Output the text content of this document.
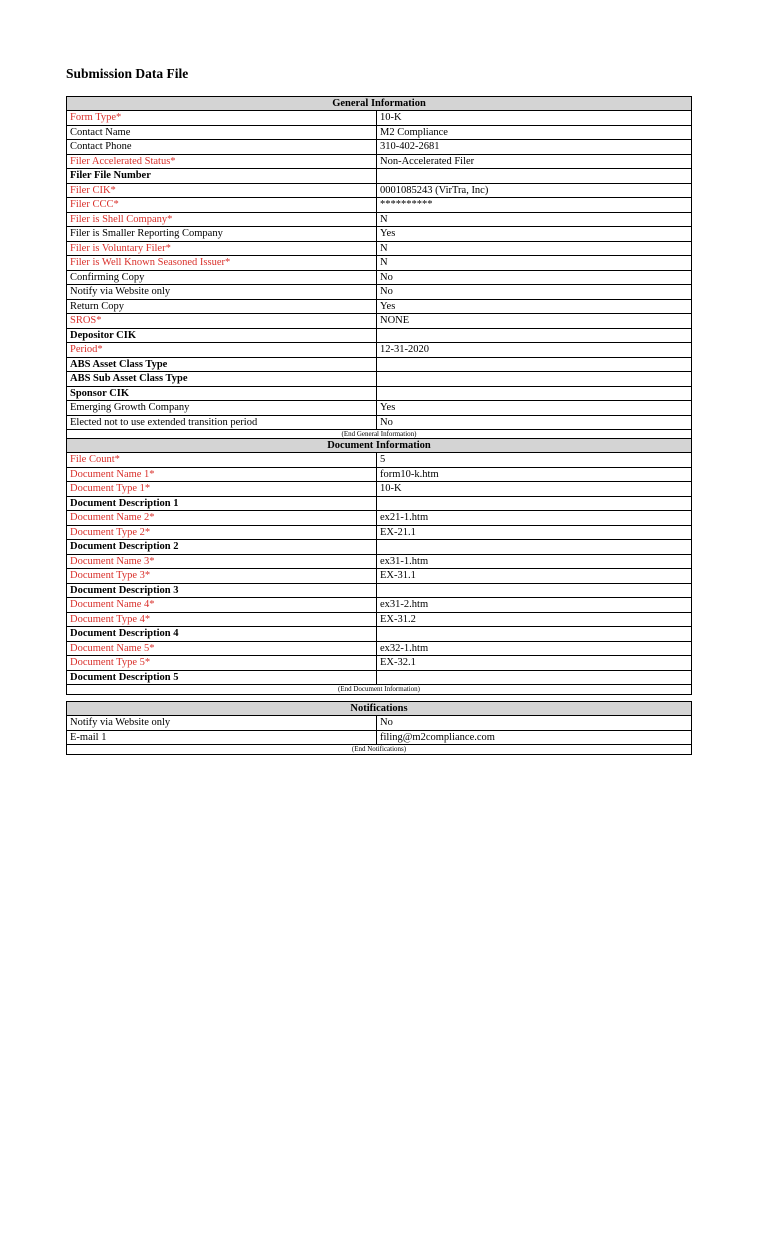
Submission Data File
General Information
Form Type*	10-K
Contact Name	M2 Compliance
Contact Phone	310-402-2681
Filer Accelerated Status*	Non-Accelerated Filer
Filer File Number
Filer CIK*	0001085243 (VirTra, Inc)
Filer CCC*	**********
Filer is Shell Company*	N
Filer is Smaller Reporting Company	Yes
Filer is Voluntary Filer*	N
Filer is Well Known Seasoned Issuer*	N
Confirming Copy	No
Notify via Website only	No
Return Copy	Yes
SROS*	NONE
Depositor CIK
Period*	12-31-2020
ABS Asset Class Type
ABS Sub Asset Class Type
Sponsor CIK
Emerging Growth Company	Yes
Elected not to use extended transition period	No
(End General Information)
Document Information
File Count*	5
Document Name 1*	form10-k.htm
Document Type 1*	10-K
Document Description 1
Document Name 2*	ex21-1.htm
Document Type 2*	EX-21.1
Document Description 2
Document Name 3*	ex31-1.htm
Document Type 3*	EX-31.1
Document Description 3
Document Name 4*	ex31-2.htm
Document Type 4*	EX-31.2
Document Description 4
Document Name 5*	ex32-1.htm
Document Type 5*	EX-32.1
Document Description 5
(End Document Information)
Notifications
Notify via Website only	No
E-mail 1	filing@m2compliance.com
(End Notifications)
